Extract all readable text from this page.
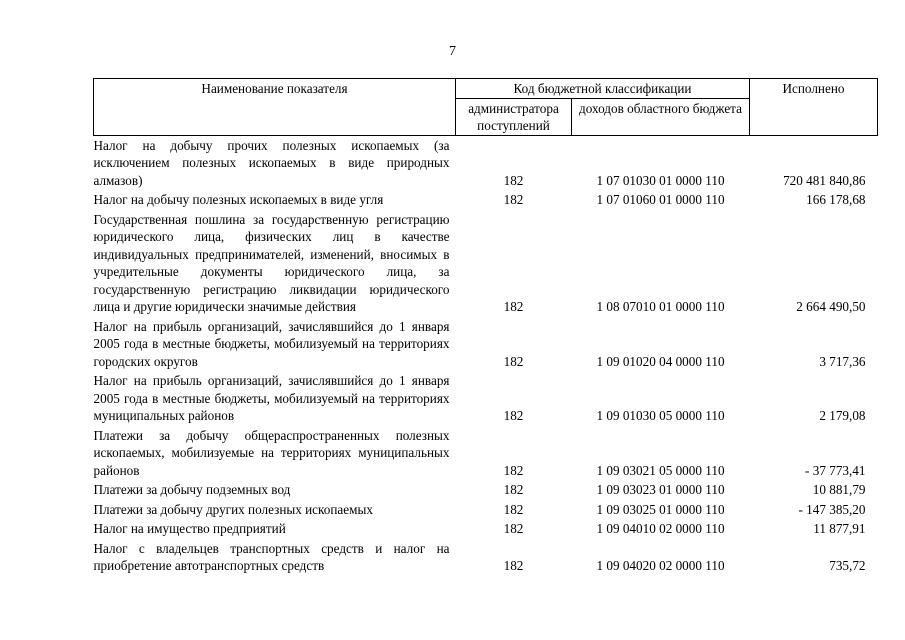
7
Наименование показателя	Код бюджетной классификации		Исполнено
	администратора поступлений	доходов областного бюджета	
Налог на добычу прочих полезных ископаемых (за исключением полезных ископаемых в виде природных алмазов)	182	1 07 01030 01 0000 110	720 481 840,86
Налог на добычу полезных ископаемых в виде угля	182	1 07 01060 01 0000 110	166 178,68
Государственная пошлина за государственную регистрацию юридического лица, физических лиц в качестве индивидуальных предпринимателей, изменений, вносимых в учредительные документы юридического лица, за государственную регистрацию ликвидации юридического лица и другие юридически значимые действия	182	1 08 07010 01 0000 110	2 664 490,50
Налог на прибыль организаций, зачислявшийся до 1 января 2005 года в местные бюджеты, мобилизуемый на территориях городских округов	182	1 09 01020 04 0000 110	3 717,36
Налог на прибыль организаций, зачислявшийся до 1 января 2005 года в местные бюджеты, мобилизуемый на территориях муниципальных районов	182	1 09 01030 05 0000 110	2 179,08
Платежи за добычу общераспространенных полезных ископаемых, мобилизуемые на территориях муниципальных районов	182	1 09 03021 05 0000 110	- 37 773,41
Платежи за добычу подземных вод	182	1 09 03023 01 0000 110	10 881,79
Платежи за добычу других полезных ископаемых	182	1 09 03025 01 0000 110	- 147 385,20
Налог на имущество предприятий	182	1 09 04010 02 0000 110	11 877,91
Налог с владельцев транспортных средств и налог на приобретение автотранспортных средств	182	1 09 04020 02 0000 110	735,72
